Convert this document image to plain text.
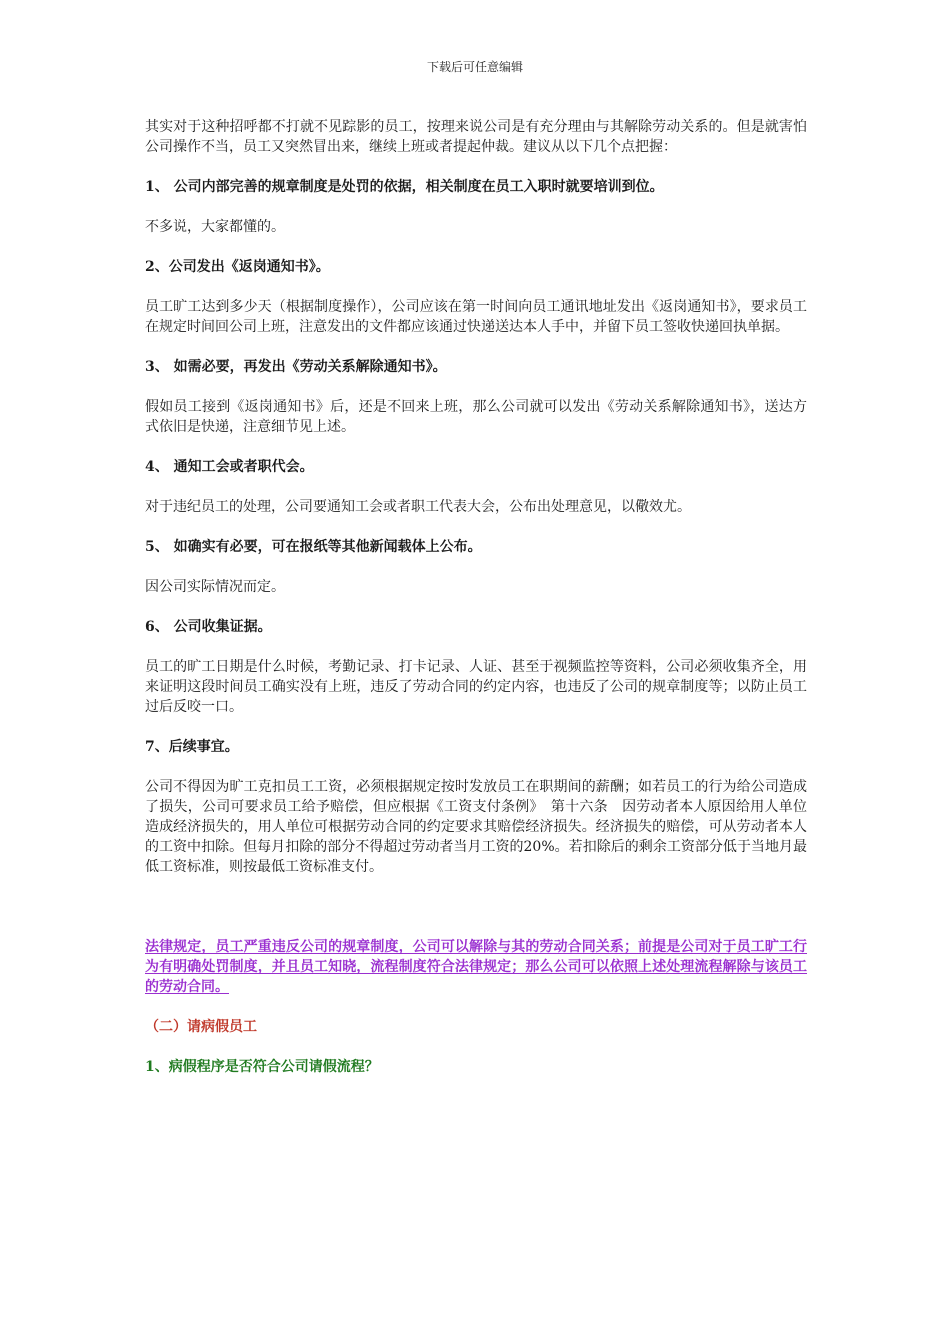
下载后可任意编辑

其实对于这种招呼都不打就不见踪影的员工，按理来说公司是有充分理由与其解除劳动关系的。但是就害怕公司操作不当，员工又突然冒出来，继续上班或者提起仲裁。建议从以下几个点把握：

1、 公司内部完善的规章制度是处罚的依据，相关制度在员工入职时就要培训到位。

不多说，大家都懂的。

2、公司发出《返岗通知书》。

员工旷工达到多少天（根据制度操作），公司应该在第一时间向员工通讯地址发出《返岗通知书》，要求员工在规定时间回公司上班，注意发出的文件都应该通过快递送达本人手中，并留下员工签收快递回执单据。

3、 如需必要，再发出《劳动关系解除通知书》。

假如员工接到《返岗通知书》后，还是不回来上班，那么公司就可以发出《劳动关系解除通知书》，送达方式依旧是快递，注意细节见上述。

4、 通知工会或者职代会。

对于违纪员工的处理，公司要通知工会或者职工代表大会，公布出处理意见，以儆效尤。

5、 如确实有必要，可在报纸等其他新闻载体上公布。

因公司实际情况而定。

6、 公司收集证据。

员工的旷工日期是什么时候，考勤记录、打卡记录、人证、甚至于视频监控等资料，公司必须收集齐全，用来证明这段时间员工确实没有上班，违反了劳动合同的约定内容，也违反了公司的规章制度等；以防止员工过后反咬一口。

7、后续事宜。

公司不得因为旷工克扣员工工资，必须根据规定按时发放员工在职期间的薪酬；如若员工的行为给公司造成了损失，公司可要求员工给予赔偿，但应根据《工资支付条例》　第十六条　因劳动者本人原因给用人单位造成经济损失的，用人单位可根据劳动合同的约定要求其赔偿经济损失。经济损失的赔偿，可从劳动者本人的工资中扣除。但每月扣除的部分不得超过劳动者当月工资的20%。若扣除后的剩余工资部分低于当地月最低工资标准，则按最低工资标准支付。

法律规定，员工严重违反公司的规章制度，公司可以解除与其的劳动合同关系；前提是公司对于员工旷工行为有明确处罚制度，并且员工知晓，流程制度符合法律规定；那么公司可以依照上述处理流程解除与该员工的劳动合同。

（二）请病假员工

1、病假程序是否符合公司请假流程？
